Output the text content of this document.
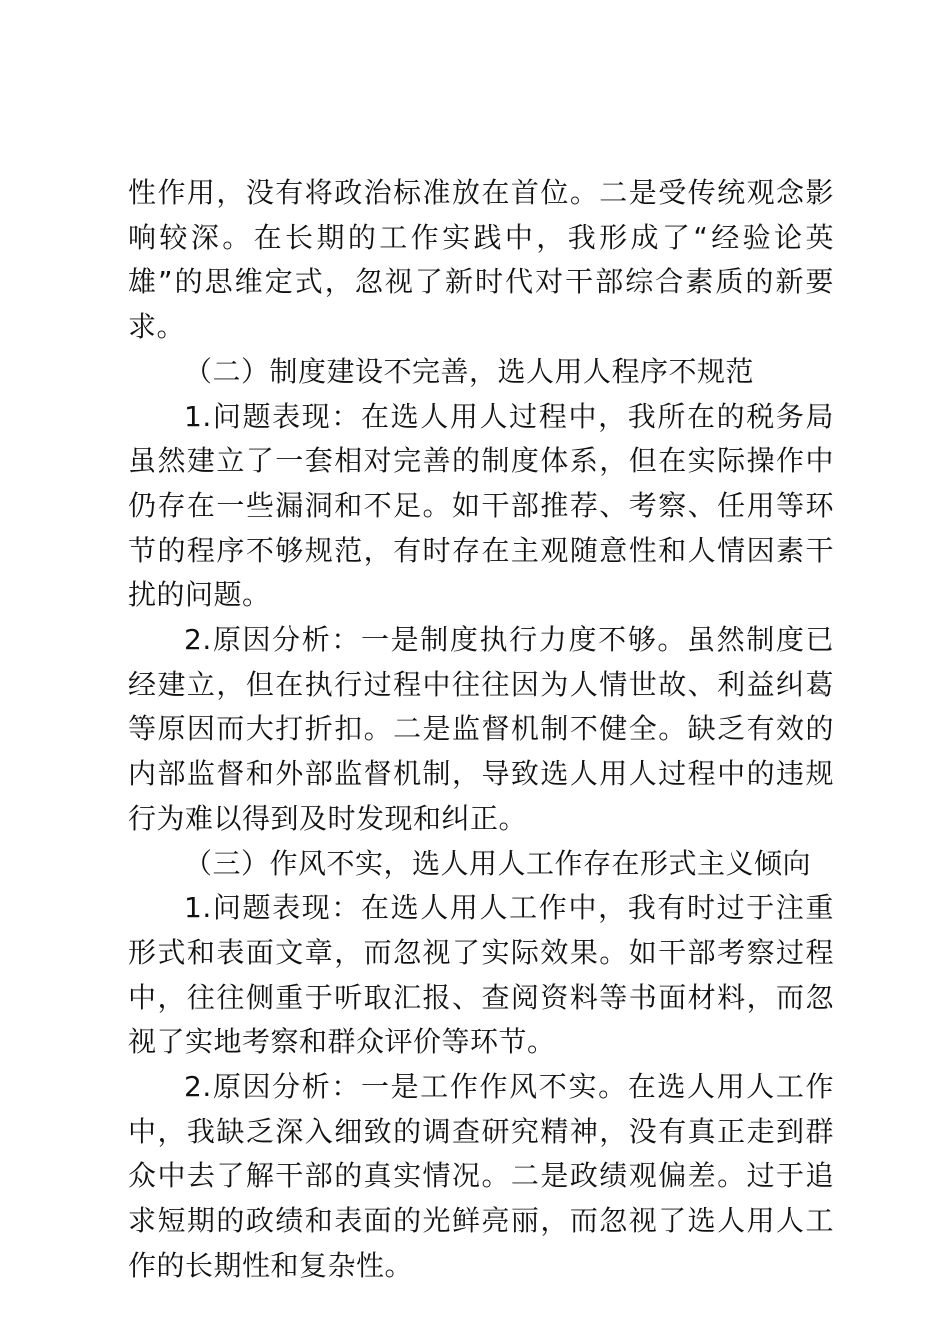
性作用，没有将政治标准放在首位。二是受传统观念影响较深。在长期的工作实践中，我形成了“经验论英雄”的思维定式，忽视了新时代对干部综合素质的新要求。

（二）制度建设不完善，选人用人程序不规范

1.问题表现：在选人用人过程中，我所在的税务局虽然建立了一套相对完善的制度体系，但在实际操作中仍存在一些漏洞和不足。如干部推荐、考察、任用等环节的程序不够规范，有时存在主观随意性和人情因素干扰的问题。

2.原因分析：一是制度执行力度不够。虽然制度已经建立，但在执行过程中往往因为人情世故、利益纠葛等原因而大打折扣。二是监督机制不健全。缺乏有效的内部监督和外部监督机制，导致选人用人过程中的违规行为难以得到及时发现和纠正。

（三）作风不实，选人用人工作存在形式主义倾向

1.问题表现：在选人用人工作中，我有时过于注重形式和表面文章，而忽视了实际效果。如干部考察过程中，往往侧重于听取汇报、查阅资料等书面材料，而忽视了实地考察和群众评价等环节。

2.原因分析：一是工作作风不实。在选人用人工作中，我缺乏深入细致的调查研究精神，没有真正走到群众中去了解干部的真实情况。二是政绩观偏差。过于追求短期的政绩和表面的光鲜亮丽，而忽视了选人用人工作的长期性和复杂性。
